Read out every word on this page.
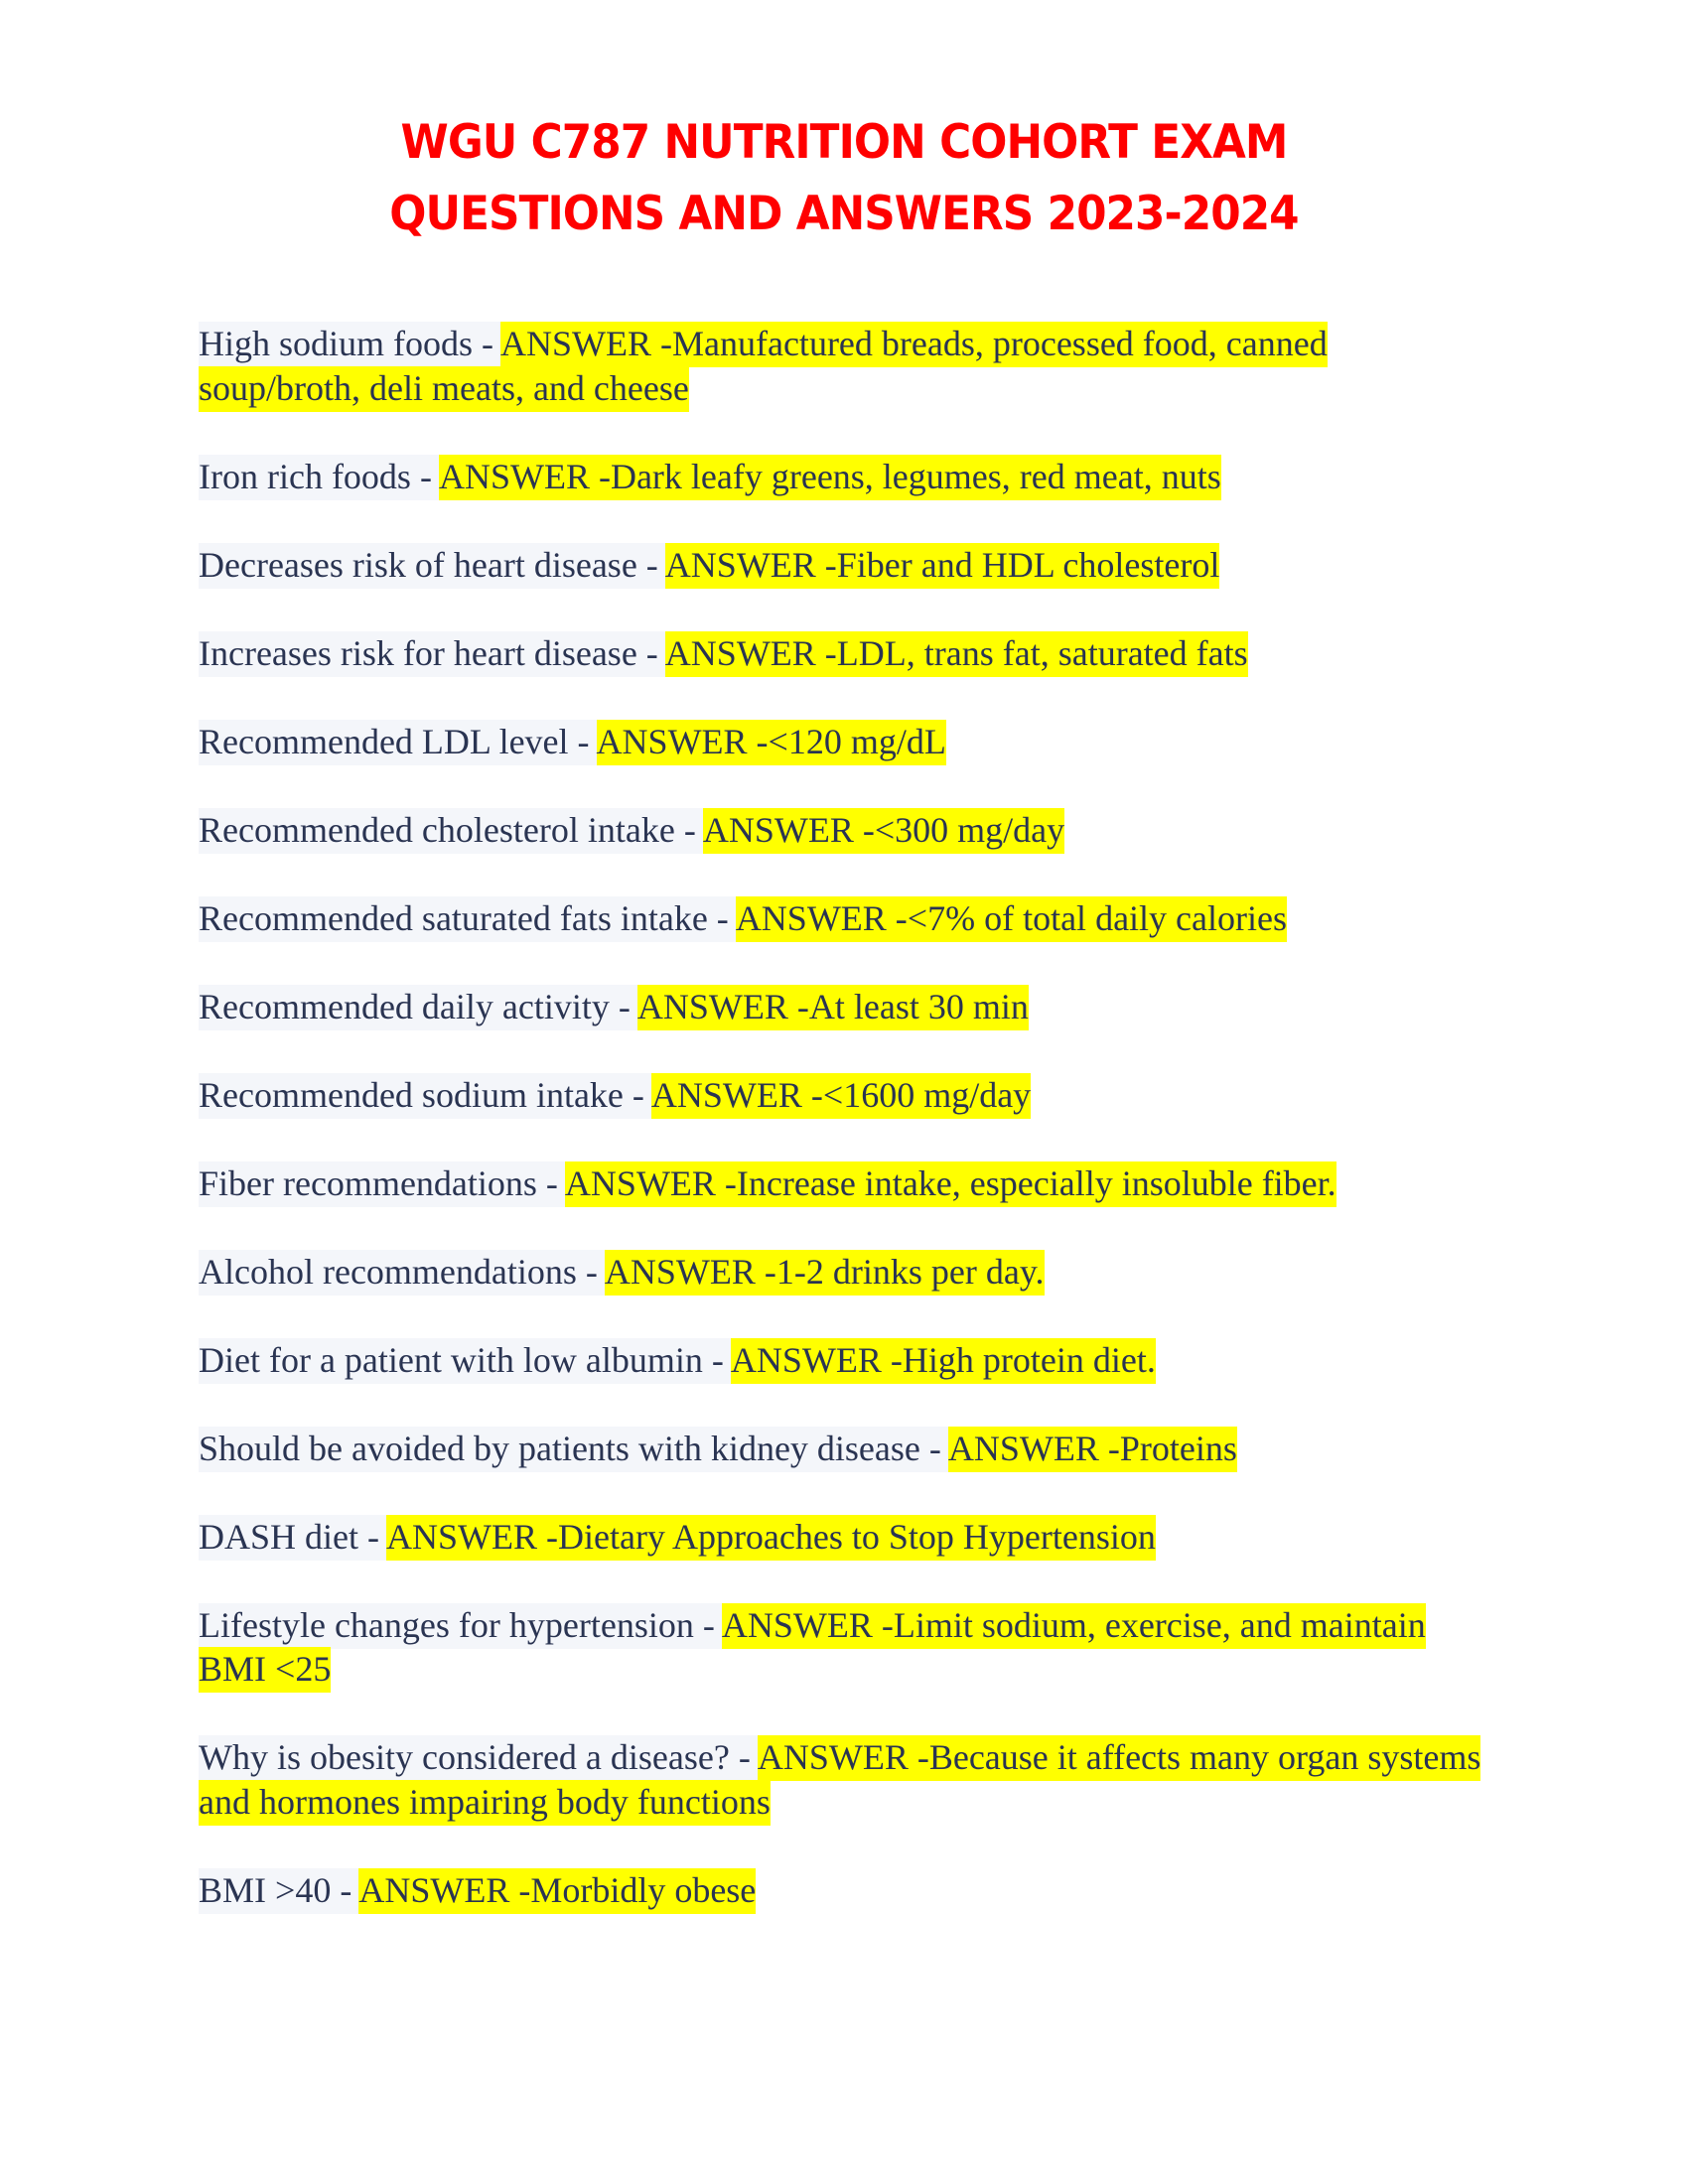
WGU C787 NUTRITION COHORT EXAM
QUESTIONS AND ANSWERS 2023-2024

High sodium foods - ANSWER -Manufactured breads, processed food, canned soup/broth, deli meats, and cheese

Iron rich foods - ANSWER -Dark leafy greens, legumes, red meat, nuts

Decreases risk of heart disease - ANSWER -Fiber and HDL cholesterol

Increases risk for heart disease - ANSWER -LDL, trans fat, saturated fats

Recommended LDL level - ANSWER -<120 mg/dL

Recommended cholesterol intake - ANSWER -<300 mg/day

Recommended saturated fats intake - ANSWER -<7% of total daily calories

Recommended daily activity - ANSWER -At least 30 min

Recommended sodium intake - ANSWER -<1600 mg/day

Fiber recommendations - ANSWER -Increase intake, especially insoluble fiber.

Alcohol recommendations - ANSWER -1-2 drinks per day.

Diet for a patient with low albumin - ANSWER -High protein diet.

Should be avoided by patients with kidney disease - ANSWER -Proteins

DASH diet - ANSWER -Dietary Approaches to Stop Hypertension

Lifestyle changes for hypertension - ANSWER -Limit sodium, exercise, and maintain BMI <25

Why is obesity considered a disease? - ANSWER -Because it affects many organ systems and hormones impairing body functions

BMI >40 - ANSWER -Morbidly obese
